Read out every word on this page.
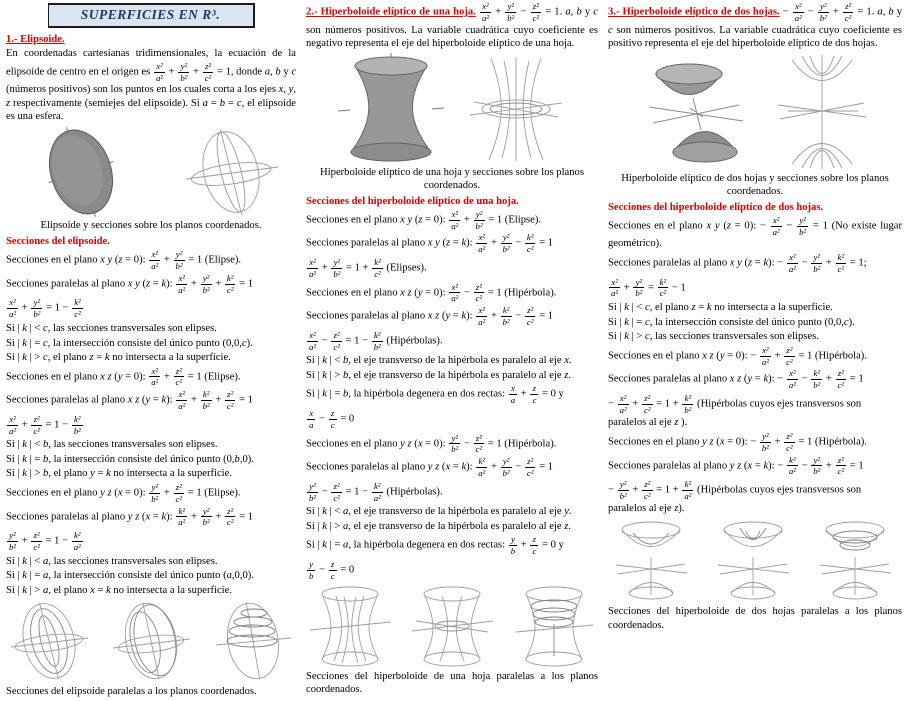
SUPERFICIES EN R³.
1.- Elipsoide.
En coordenadas cartesianas tridimensionales, la ecuación de la elipsoide de centro en el origen es $\frac{\text{x²}}{\text{a²}} + \frac{\text{y²}}{\text{b²}} + \frac{\text{z²}}{\text{c²}} = 1$, donde a, b y c (números positivos) son los puntos en los cuales corta a los ejes x, y, z respectivamente (semiejes del elipsoide). Si a = b = c, el elipsoide es una esfera.
Elipsoide y secciones sobre los planos coordenados.
Secciones del elipsoide.
Secciones en el plano x y (z = 0): $\frac{\text{x²}}{\text{a²}} + \frac{\text{y²}}{\text{b²}} = 1$ (Elipse).
Secciones paralelas al plano x y (z = k): $\frac{\text{x²}}{\text{a²}} + \frac{\text{y²}}{\text{b²}} + \frac{\text{k²}}{\text{c²}} = 1$
$\frac{\text{x²}}{\text{a²}} + \frac{\text{y²}}{\text{b²}} = 1 - \frac{\text{k²}}{\text{c²}}$
Si | k | < c, las secciones transversales son elipses.
Si | k | = c, la intersección consiste del único punto (0,0,c).
Si | k | > c, el plano z = k no intersecta a la superficie.
Secciones en el plano x z (y = 0): $\frac{\text{x²}}{\text{a²}} + \frac{\text{z²}}{\text{c²}} = 1$ (Elipse).
Secciones paralelas al plano x z (y = k): $\frac{\text{x²}}{\text{a²}} + \frac{\text{k²}}{\text{b²}} + \frac{\text{z²}}{\text{c²}} = 1$
$\frac{\text{x²}}{\text{a²}} + \frac{\text{z²}}{\text{c²}} = 1 - \frac{\text{k²}}{\text{b²}}$
Si | k | < b, las secciones transversales son elipses.
Si | k | = b, la intersección consiste del único punto (0,b,0).
Si | k | > b, el plano y = k no intersecta a la superficie.
Secciones en el plano y z (x = 0): $\frac{\text{y²}}{\text{b²}} + \frac{\text{z²}}{\text{c²}} = 1$ (Elipse).
Secciones paralelas al plano y z (x = k): $\frac{\text{k²}}{\text{a²}} + \frac{\text{y²}}{\text{b²}} + \frac{\text{z²}}{\text{c²}} = 1$
$\frac{\text{y²}}{\text{b²}} + \frac{\text{z²}}{\text{c²}} = 1 - \frac{\text{k²}}{\text{a²}}$
Si | k | < a, las secciones transversales son elipses.
Si | k | = a, la intersección consiste del único punto (a,0,0).
Si | k | > a, el plano x = k no intersecta a la superficie.
Secciones del elipsoide paralelas a los planos coordenados.
2.- Hiperboloide elíptico de una hoja. $\frac{\text{x²}}{\text{a²}} + \frac{\text{y²}}{\text{b²}} - \frac{\text{z²}}{\text{c²}} = 1$. a, b y c son números positivos. La variable cuadrática cuyo coeficiente es negativo representa el eje del hiperboloide elíptico de una hoja.
Hiperboloide elíptico de una hoja y secciones sobre los planos coordenados.
Secciones del hiperboloide elíptico de una hoja.
Secciones en el plano x y (z = 0): $\frac{\text{x²}}{\text{a²}} + \frac{\text{y²}}{\text{b²}} = 1$ (Elipse).
Secciones paralelas al plano x y (z = k): $\frac{\text{x²}}{\text{a²}} + \frac{\text{y²}}{\text{b²}} - \frac{\text{k²}}{\text{c²}} = 1$
$\frac{\text{x²}}{\text{a²}} + \frac{\text{y²}}{\text{b²}} = 1 + \frac{\text{k²}}{\text{c²}}$ (Elipses).
Secciones en el plano x z (y = 0): $\frac{\text{x²}}{\text{a²}} - \frac{\text{z²}}{\text{c²}} = 1$ (Hipérbola).
Secciones paralelas al plano x z (y = k): $\frac{\text{x²}}{\text{a²}} + \frac{\text{k²}}{\text{b²}} - \frac{\text{z²}}{\text{c²}} = 1$
$\frac{\text{x²}}{\text{a²}} - \frac{\text{z²}}{\text{c²}} = 1 - \frac{\text{k²}}{\text{b²}}$ (Hipérbolas).
Si | k | < b, el eje transverso de la hipérbola es paralelo al eje x.
Si | k | > b, el eje transverso de la hipérbola es paralelo al eje z.
Si | k | = b, la hipérbola degenera en dos rectas: $\frac{x}{a} + \frac{z}{c} = 0$ y
$\frac{x}{a} - \frac{z}{c} = 0$
Secciones en el plano y z (x = 0): $\frac{\text{y²}}{\text{b²}} - \frac{\text{z²}}{\text{c²}} = 1$ (Hipérbola).
Secciones paralelas al plano y z (x = k): $\frac{\text{k²}}{\text{a²}} + \frac{\text{y²}}{\text{b²}} - \frac{\text{z²}}{\text{c²}} = 1$
$\frac{\text{y²}}{\text{b²}} - \frac{\text{z²}}{\text{c²}} = 1 - \frac{\text{k²}}{\text{a²}}$ (Hipérbolas).
Si | k | < a, el eje transverso de la hipérbola es paralelo al eje y.
Si | k | > a, el eje transverso de la hipérbola es paralelo al eje z.
Si | k | = a, la hipérbola degenera en dos rectas: $\frac{y}{b} + \frac{z}{c} = 0$ y
$\frac{y}{b} - \frac{z}{c} = 0$
Secciones del hiperboloide de una hoja paralelas a los planos coordenados.
3.- Hiperboloide elíptico de dos hojas. − $\frac{\text{x²}}{\text{a²}} - \frac{\text{y²}}{\text{b²}} + \frac{\text{z²}}{\text{c²}} = 1$. a, b y c son números positivos. La variable cuadrática cuyo coeficiente es positivo representa el eje del hiperboloide elíptico de dos hojas.
Hiperboloide elíptico de dos hojas y secciones sobre los planos coordenados.
Secciones del hiperboloide elíptico de dos hojas.
Secciones en el plano x y (z = 0): − $\frac{\text{x²}}{\text{a²}} - \frac{\text{y²}}{\text{b²}} = 1$ (No existe lugar geométrico).
Secciones paralelas al plano x y (z = k): − $\frac{\text{x²}}{\text{a²}} - \frac{\text{y²}}{\text{b²}} + \frac{\text{k²}}{\text{c²}} = 1$;
$\frac{\text{x²}}{\text{a²}} + \frac{\text{y²}}{\text{b²}} = \frac{\text{k²}}{\text{c²}} - 1$
Si | k | < c, el plano z = k no intersecta a la superficie.
Si | k | = c, la intersección consiste del único punto (0,0,c).
Si | k | > c, las secciones transversales son elipses.
Secciones en el plano x z (y = 0): − $\frac{\text{x²}}{\text{a²}} + \frac{\text{z²}}{\text{c²}} = 1$ (Hipérbola).
Secciones paralelas al plano x z (y = k): − $\frac{\text{x²}}{\text{a²}} - \frac{\text{k²}}{\text{b²}} + \frac{\text{z²}}{\text{c²}} = 1$
− $\frac{\text{x²}}{\text{a²}} + \frac{\text{z²}}{\text{c²}} = 1 + \frac{\text{k²}}{\text{b²}}$ (Hipérbolas cuyos ejes transversos son paralelos al eje z ).
Secciones en el plano y z (x = 0): − $\frac{\text{y²}}{\text{b²}} + \frac{\text{z²}}{\text{c²}} = 1$ (Hipérbola).
Secciones paralelas al plano y z (x = k): − $\frac{\text{k²}}{\text{a²}} - \frac{\text{y²}}{\text{b²}} + \frac{\text{z²}}{\text{c²}} = 1$
− $\frac{\text{y²}}{\text{b²}} + \frac{\text{z²}}{\text{c²}} = 1 + \frac{\text{k²}}{\text{a²}}$ (Hipérbolas cuyos ejes transversos son paralelos al eje z).
Secciones del hiperboloide de dos hojas paralelas a los planos coordenados.
